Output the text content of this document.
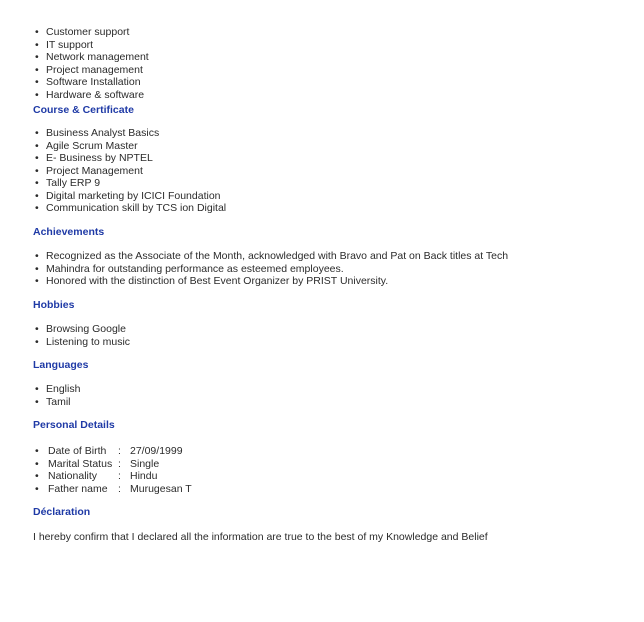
• Customer support
• IT support
• Network management
• Project management
• Software Installation
• Hardware & software

Course & Certificate

• Business Analyst Basics
• Agile Scrum Master
• E- Business by NPTEL
• Project Management
• Tally ERP 9
• Digital marketing by ICICI Foundation
• Communication skill by TCS ion Digital

Achievements

• Recognized as the Associate of the Month, acknowledged with Bravo and Pat on Back titles at Tech
• Mahindra for outstanding performance as esteemed employees.
• Honored with the distinction of Best Event Organizer by PRIST University.

Hobbies

• Browsing Google
• Listening to music

Languages

• English
• Tamil

Personal Details

• Date of Birth : 27/09/1999
• Marital Status : Single
• Nationality : Hindu
• Father name : Murugesan T

Déclaration

I hereby confirm that I declared all the information are true to the best of my Knowledge and Belief
